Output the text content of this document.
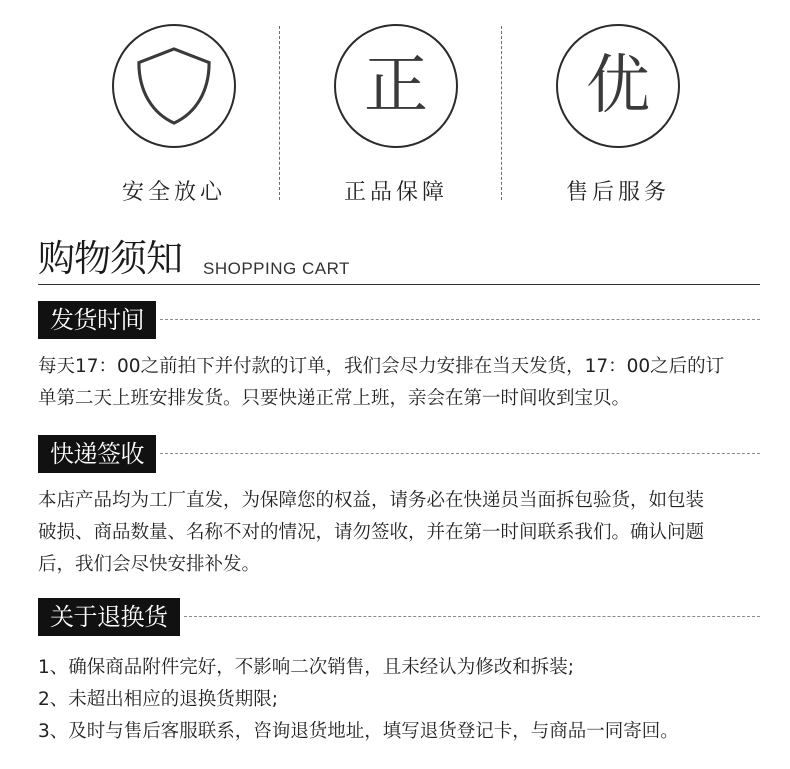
安全放心
正
正品保障
优
售后服务
购物须知 SHOPPING CART
发货时间

每天17：00之前拍下并付款的订单，我们会尽力安排在当天发货，17：00之后的订

单第二天上班安排发货。只要快递正常上班，亲会在第一时间收到宝贝。

快递签收

本店产品均为工厂直发，为保障您的权益，请务必在快递员当面拆包验货，如包装

破损、商品数量、名称不对的情况，请勿签收，并在第一时间联系我们。确认问题

后，我们会尽快安排补发。

关于退换货
1、确保商品附件完好，不影响二次销售，且未经认为修改和拆装;
2、未超出相应的退换货期限;
3、及时与售后客服联系，咨询退货地址，填写退货登记卡，与商品一同寄回。
